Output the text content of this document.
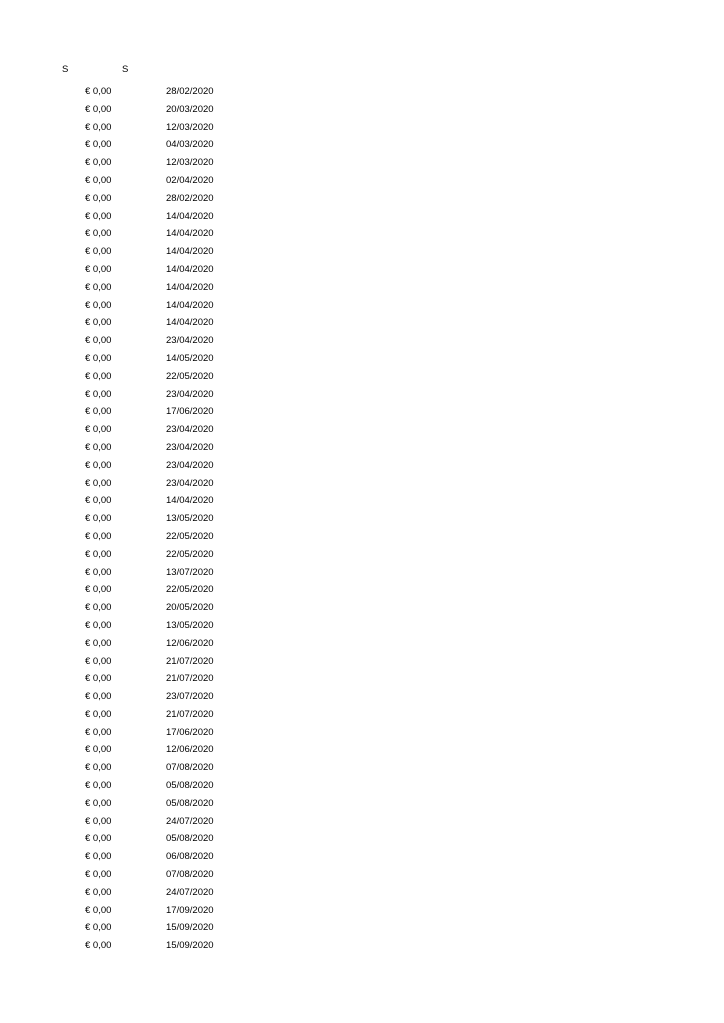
S	S
€ 0,00	28/02/2020
€ 0,00	20/03/2020
€ 0,00	12/03/2020
€ 0,00	04/03/2020
€ 0,00	12/03/2020
€ 0,00	02/04/2020
€ 0,00	28/02/2020
€ 0,00	14/04/2020
€ 0,00	14/04/2020
€ 0,00	14/04/2020
€ 0,00	14/04/2020
€ 0,00	14/04/2020
€ 0,00	14/04/2020
€ 0,00	14/04/2020
€ 0,00	23/04/2020
€ 0,00	14/05/2020
€ 0,00	22/05/2020
€ 0,00	23/04/2020
€ 0,00	17/06/2020
€ 0,00	23/04/2020
€ 0,00	23/04/2020
€ 0,00	23/04/2020
€ 0,00	23/04/2020
€ 0,00	14/04/2020
€ 0,00	13/05/2020
€ 0,00	22/05/2020
€ 0,00	22/05/2020
€ 0,00	13/07/2020
€ 0,00	22/05/2020
€ 0,00	20/05/2020
€ 0,00	13/05/2020
€ 0,00	12/06/2020
€ 0,00	21/07/2020
€ 0,00	21/07/2020
€ 0,00	23/07/2020
€ 0,00	21/07/2020
€ 0,00	17/06/2020
€ 0,00	12/06/2020
€ 0,00	07/08/2020
€ 0,00	05/08/2020
€ 0,00	05/08/2020
€ 0,00	24/07/2020
€ 0,00	05/08/2020
€ 0,00	06/08/2020
€ 0,00	07/08/2020
€ 0,00	24/07/2020
€ 0,00	17/09/2020
€ 0,00	15/09/2020
€ 0,00	15/09/2020
